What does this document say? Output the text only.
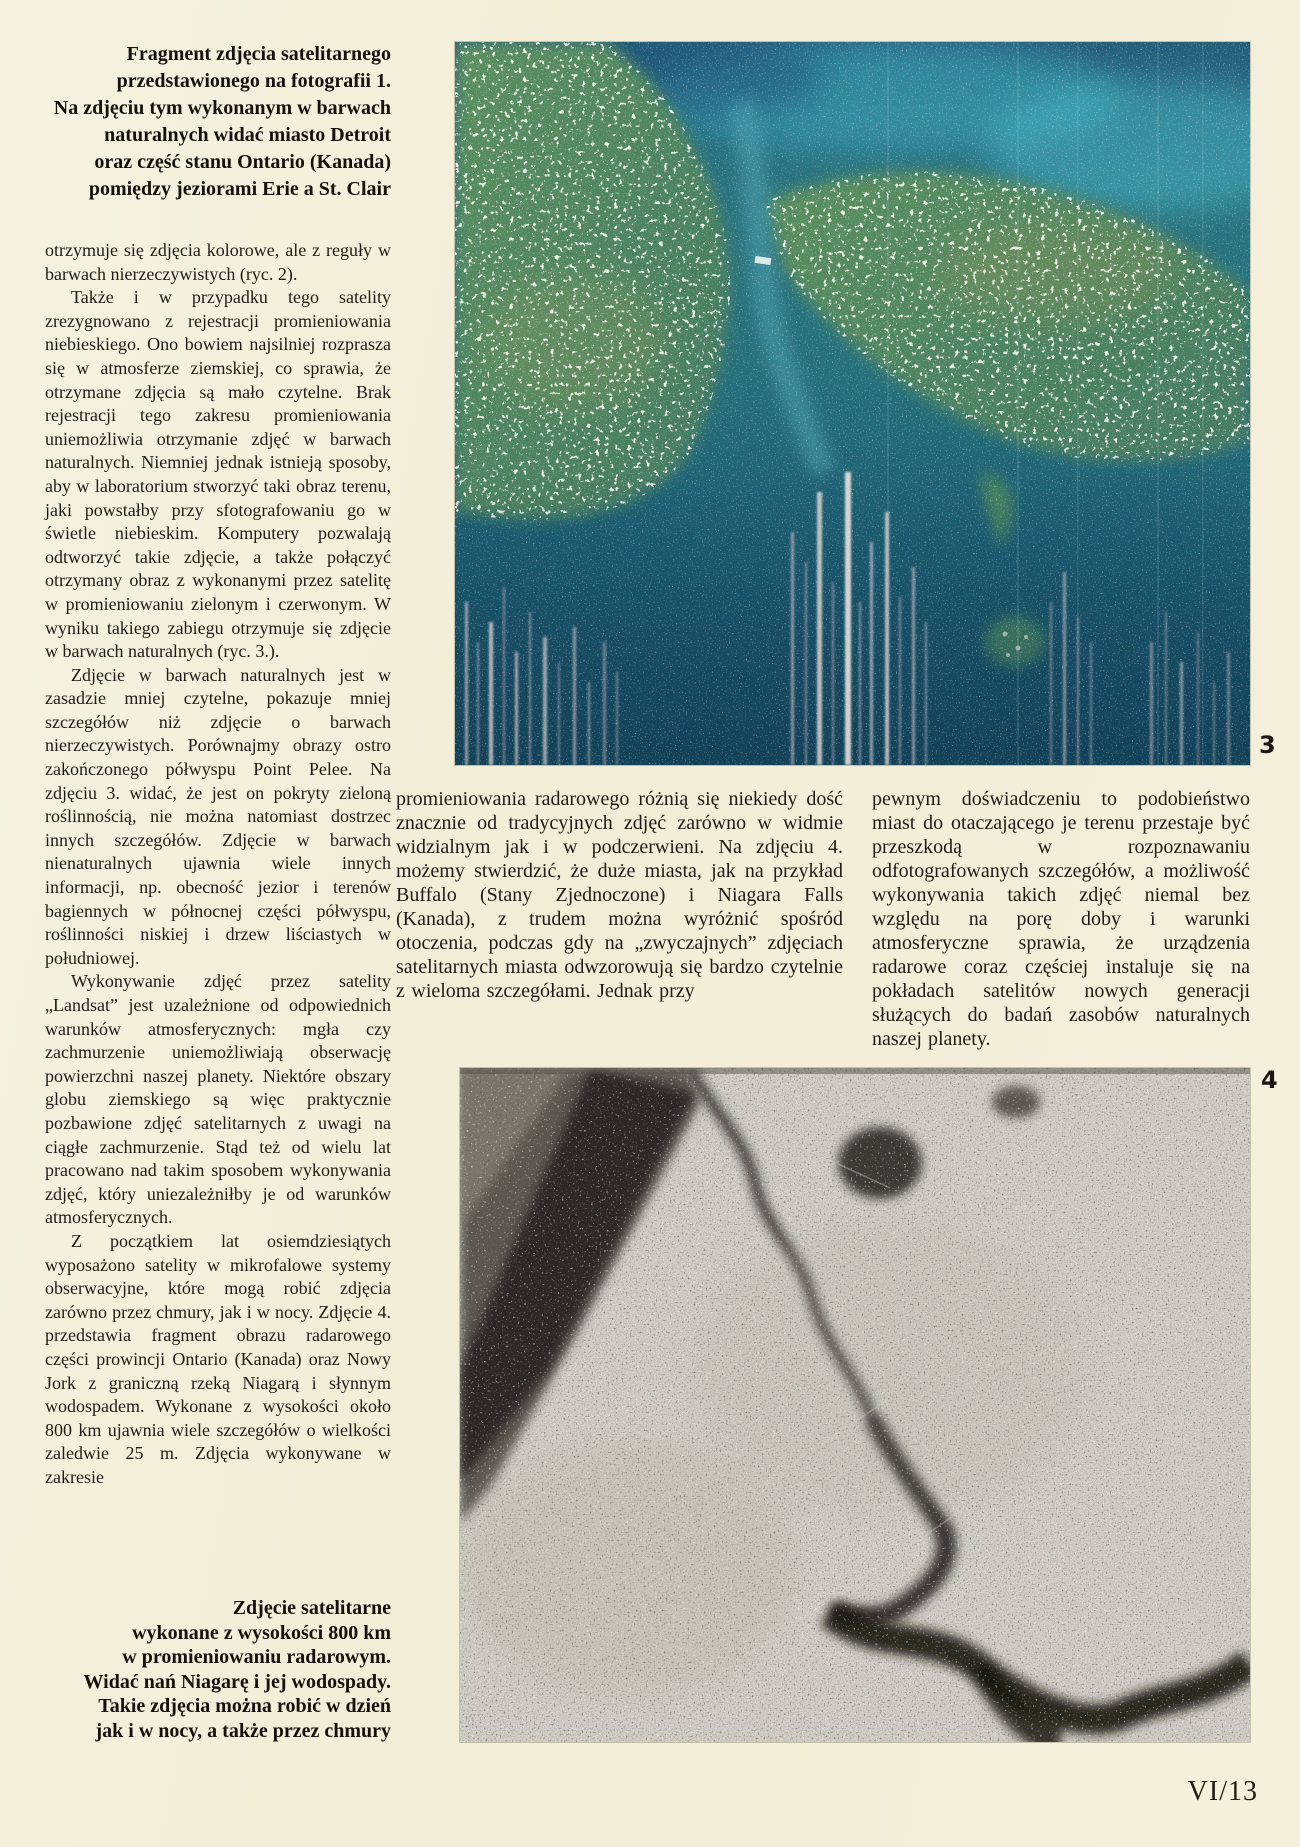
Fragment zdjęcia satelitarnego
przedstawionego na fotografii 1.
Na zdjęciu tym wykonanym w barwach
naturalnych widać miasto Detroit
oraz część stanu Ontario (Kanada)
pomiędzy jeziorami Erie a St. Clair

otrzymuje się zdjęcia kolorowe, ale z reguły w barwach nierzeczywistych (ryc. 2).

Także i w przypadku tego satelity zrezygnowano z rejestracji promieniowania niebieskiego. Ono bowiem najsilniej rozprasza się w atmosferze ziemskiej, co sprawia, że otrzymane zdjęcia są mało czytelne. Brak rejestracji tego zakresu promieniowania uniemożliwia otrzymanie zdjęć w barwach naturalnych. Niemniej jednak istnieją sposoby, aby w laboratorium stworzyć taki obraz terenu, jaki powstałby przy sfotografowaniu go w świetle niebieskim. Komputery pozwalają odtworzyć takie zdjęcie, a także połączyć otrzymany obraz z wykonanymi przez satelitę w promieniowaniu zielonym i czerwonym. W wyniku takiego zabiegu otrzymuje się zdjęcie w barwach naturalnych (ryc. 3.).

Zdjęcie w barwach naturalnych jest w zasadzie mniej czytelne, pokazuje mniej szczegółów niż zdjęcie o barwach nierzeczywistych. Porównajmy obrazy ostro zakończonego półwyspu Point Pelee. Na zdjęciu 3. widać, że jest on pokryty zieloną roślinnością, nie można natomiast dostrzec innych szczegółów. Zdjęcie w barwach nienaturalnych ujawnia wiele innych informacji, np. obecność jezior i terenów bagiennych w północnej części półwyspu, roślinności niskiej i drzew liściastych w południowej.

Wykonywanie zdjęć przez satelity „Landsat” jest uzależnione od odpowiednich warunków atmosferycznych: mgła czy zachmurzenie uniemożliwiają obserwację powierzchni naszej planety. Niektóre obszary globu ziemskiego są więc praktycznie pozbawione zdjęć satelitarnych z uwagi na ciągłe zachmurzenie. Stąd też od wielu lat pracowano nad takim sposobem wykonywania zdjęć, który uniezależniłby je od warunków atmosferycznych.

Z początkiem lat osiemdziesiątych wyposażono satelity w mikrofalowe systemy obserwacyjne, które mogą robić zdjęcia zarówno przez chmury, jak i w nocy. Zdjęcie 4. przedstawia fragment obrazu radarowego części prowincji Ontario (Kanada) oraz Nowy Jork z graniczną rzeką Niagarą i słynnym wodospadem. Wykonane z wysokości około 800 km ujawnia wiele szczegółów o wielkości zaledwie 25 m. Zdjęcia wykonywane w zakresie

3

promieniowania radarowego różnią się niekiedy dość znacznie od tradycyjnych zdjęć zarówno w widmie widzialnym jak i w podczerwieni. Na zdjęciu 4. możemy stwierdzić, że duże miasta, jak na przykład Buffalo (Stany Zjednoczone) i Niagara Falls (Kanada), z trudem można wyróżnić spośród otoczenia, podczas gdy na „zwyczajnych” zdjęciach satelitarnych miasta odwzorowują się bardzo czytelnie z wieloma szczegółami. Jednak przy

pewnym doświadczeniu to podobieństwo miast do otaczającego je terenu przestaje być przeszkodą w rozpoznawaniu odfotografowanych szczegółów, a możliwość wykonywania takich zdjęć niemal bez względu na porę doby i warunki atmosferyczne sprawia, że urządzenia radarowe coraz częściej instaluje się na pokładach satelitów nowych generacji służących do badań zasobów naturalnych naszej planety.

4
Zdjęcie satelitarne
wykonane z wysokości 800 km
w promieniowaniu radarowym.
Widać nań Niagarę i jej wodospady.
Takie zdjęcia można robić w dzień
jak i w nocy, a także przez chmury
VI/13
